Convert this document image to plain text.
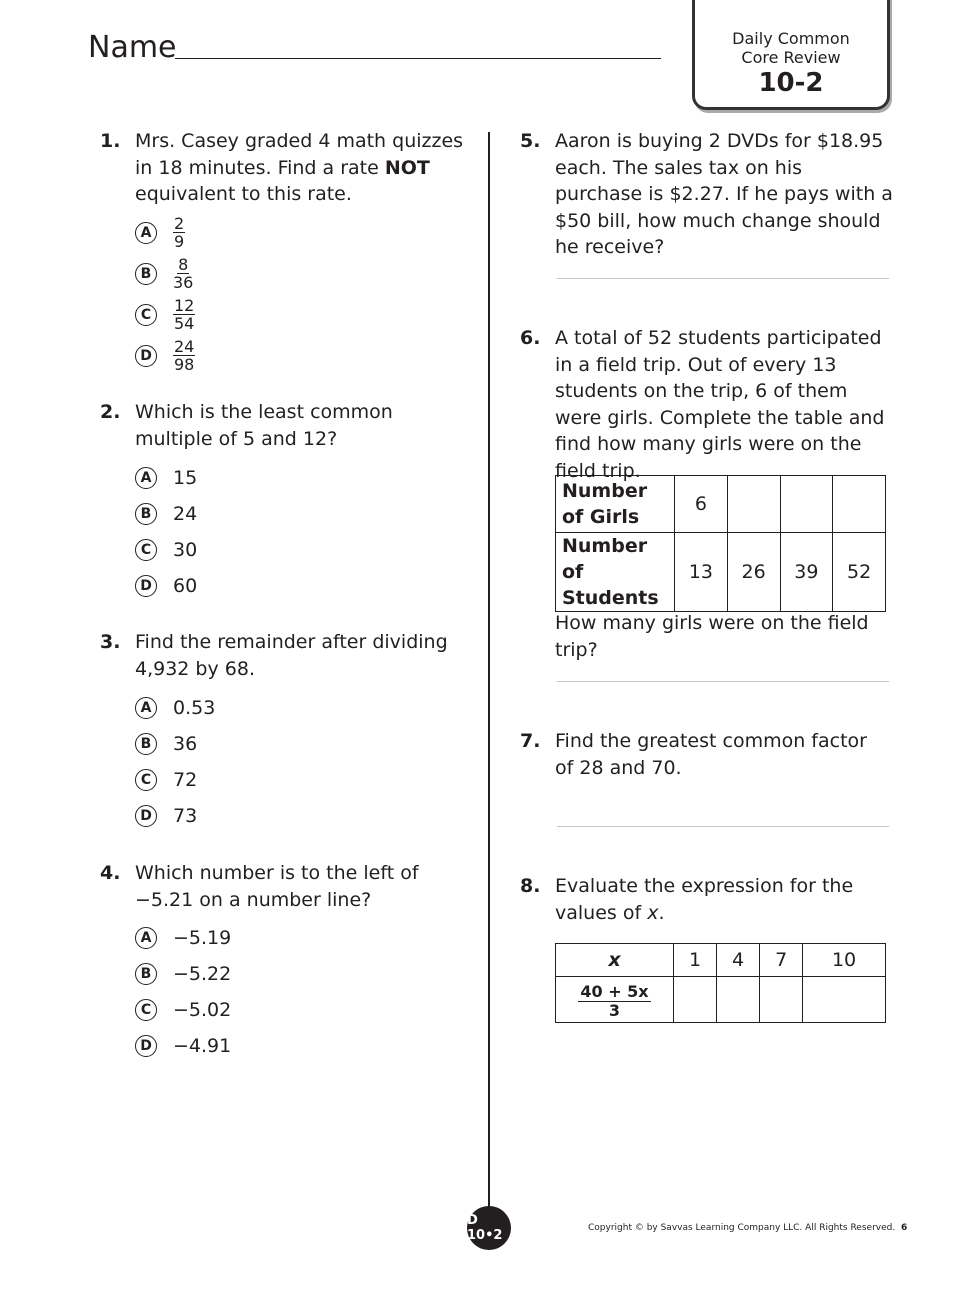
Name	Daily Common
Core Review
10-2
1. Mrs. Casey graded 4 math quizzes in 18 minutes. Find a rate NOT equivalent to this rate.
A	$\frac{2}{9}$
B	$\frac{8}{36}$
C	$\frac{12}{54}$
D	$\frac{24}{98}$
2. Which is the least common multiple of 5 and 12?
A 15
B 24
C	30
D 60
3. Find the remainder after dividing 4,932 by 68.
A 0.53
B 36
C	72
D 73
4. Which number is to the left of −5.21 on a number line?
A −5.19
B −5.22
C	−5.02
D −4.91
5. Aaron is buying 2 DVDs for $18.95 each. The sales tax on his purchase is $2.27. If he pays with a $50 bill, how much change should he receive?
6. A total of 52 students participated in a field trip. Out of every 13 students on the trip, 6 of them were girls. Complete the table and find how many girls were on the field trip.
Number of Girls	6			
Number of Students	13	26	39	52
How many girls were on the field trip?
7. Find the greatest common factor of 28 and 70.
8. Evaluate the expression for the values of x.
x	1	4	7	10

$\frac{40 + 5x}{3}$

D 10•2	Copyright © by Savvas Learning Company LLC. All Rights Reserved. 6
